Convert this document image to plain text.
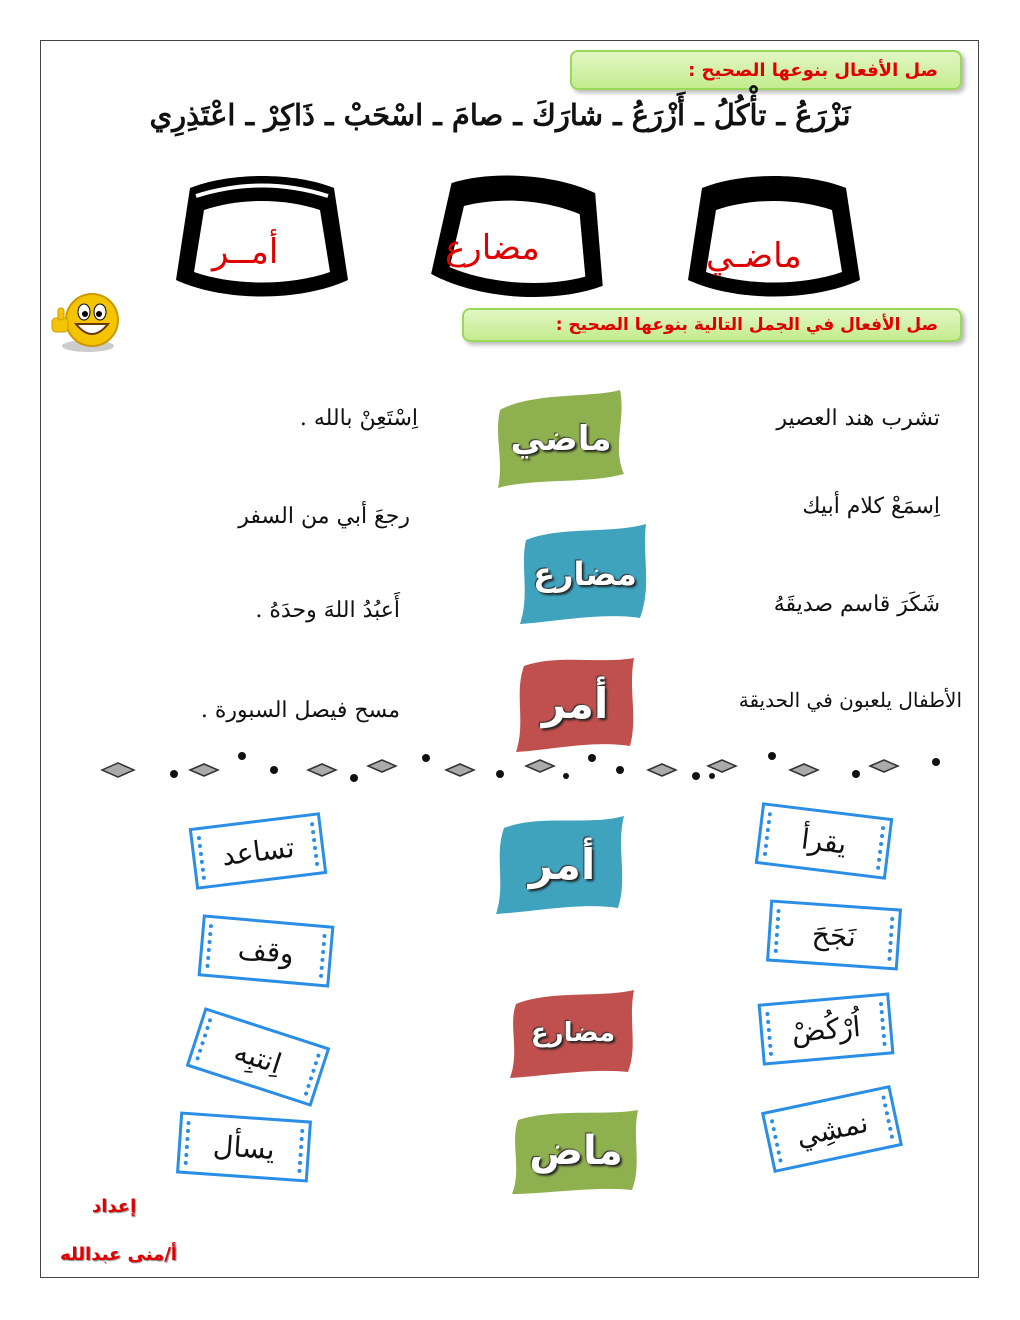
صل الأفعال بنوعها الصحيح :
نَزْرَعُ ـ تأْكُلُ ـ أَزْرَعُ ـ شارَكَ ـ صامَ ـ اسْحَبْ ـ ذَاكِرْ ـ اعْتَذِرِي
أمــر	مضارع	ماضـي
صل الأفعال في الجمل التالية بنوعها الصحيح :
تشرب هند العصير
اِسمَعْ كلام أبيك
شَكَرَ قاسم صديقَهُ
الأطفال يلعبون في الحديقة
اِسْتَعِنْ بالله .
رجعَ أبي من السفر
أَعبُدُ اللهَ وحدَهُ .
مسح فيصل السبورة .
ماضي
مضارع
أمر
يقرأ
نَجَحَ
اُرْكُضْ
نمشِي
تساعد
وقف
اِنتبِه
يسأل
أمر
مضارع
ماض
إعداد
أ/منى عبدالله
